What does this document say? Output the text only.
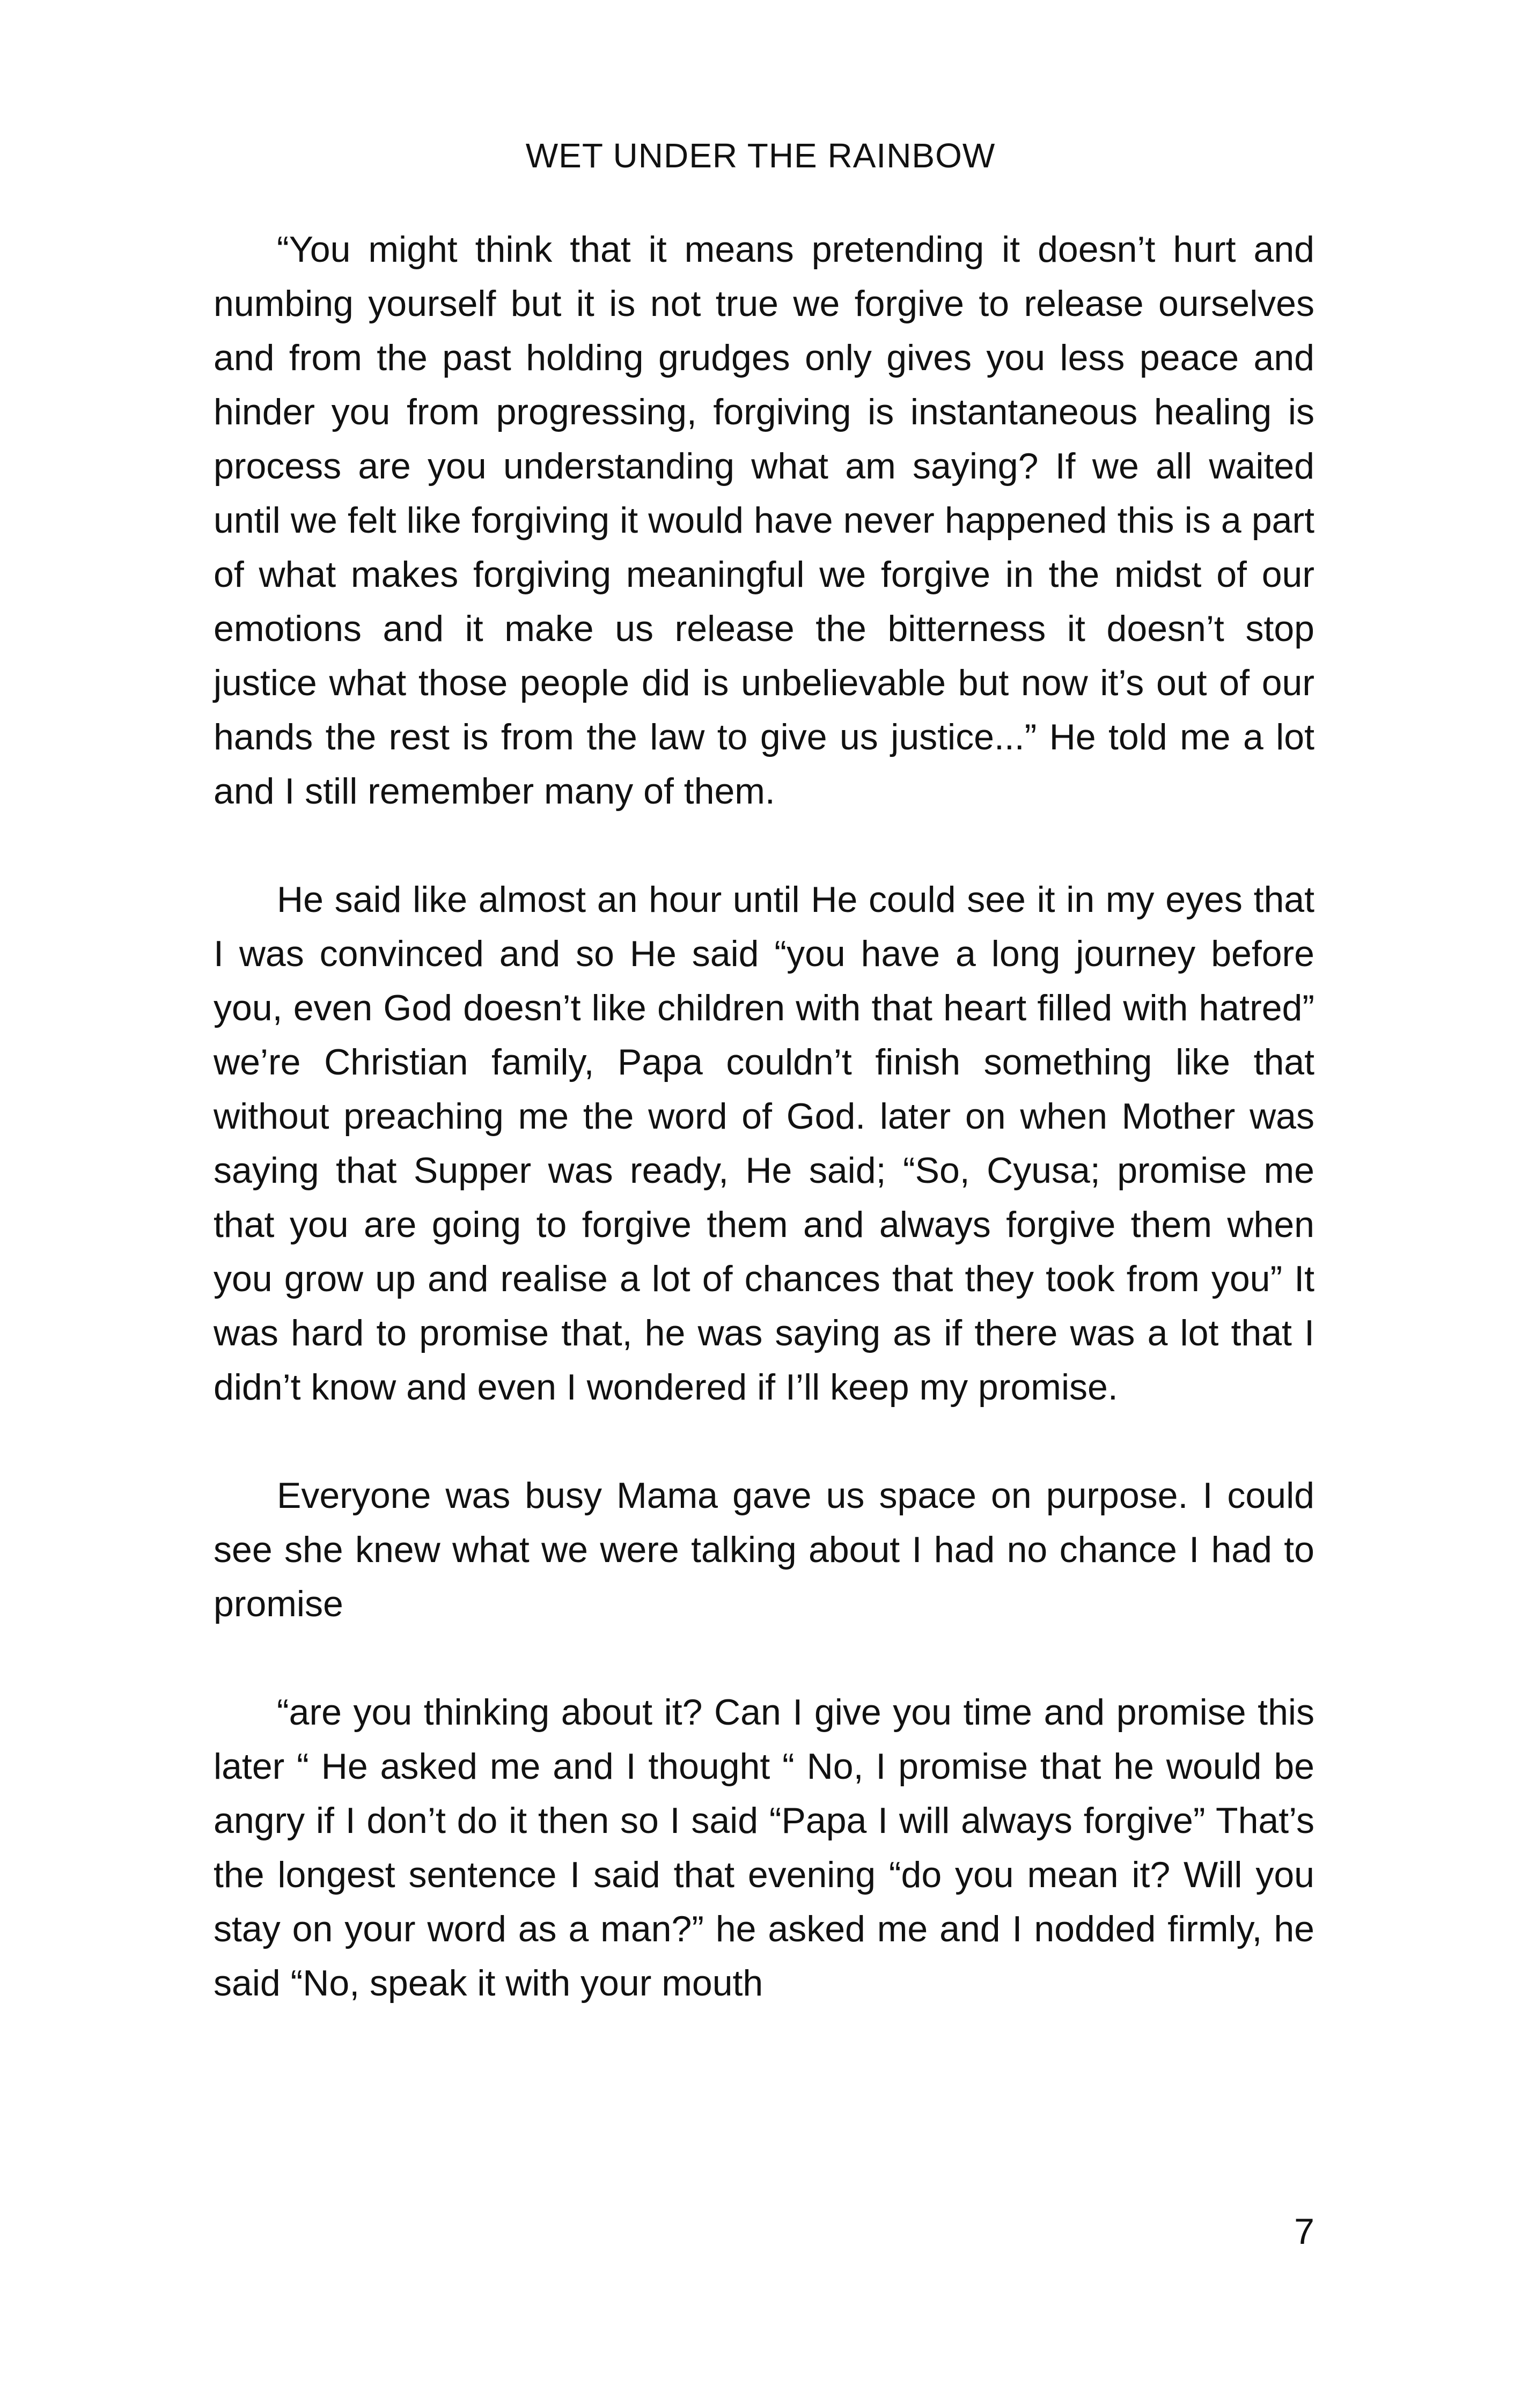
WET UNDER THE RAINBOW

“You might think that it means pretending it doesn’t hurt and numbing yourself but it is not true we forgive to release ourselves and from the past holding grudges only gives you less peace and hinder you from progressing, forgiving is instantaneous healing is process are you understanding what am saying? If we all waited until we felt like forgiving it would have never happened this is a part of what makes forgiving meaningful we forgive in the midst of our emotions and it make us release the bitterness it doesn’t stop justice what those people did is unbelievable but now it’s out of our hands the rest is from the law to give us justice...” He told me a lot and I still remember many of them.

He said like almost an hour until He could see it in my eyes that I was convinced and so He said “you have a long journey before you, even God doesn’t like children with that heart filled with hatred” we’re Christian family, Papa couldn’t finish something like that without preaching me the word of God. later on when Mother was saying that Supper was ready, He said; “So, Cyusa; promise me that you are going to forgive them and always forgive them when you grow up and realise a lot of chances that they took from you” It was hard to promise that, he was saying as if there was a lot that I didn’t know and even I wondered if I’ll keep my promise.

Everyone was busy Mama gave us space on purpose. I could see she knew what we were talking about I had no chance I had to promise

“are you thinking about it? Can I give you time and promise this later “ He asked me and I thought “ No, I promise that he would be angry if I don’t do it then so I said “Papa I will always forgive” That’s the longest sentence I said that evening “do you mean it? Will you stay on your word as a man?” he asked me and I nodded firmly, he said “No, speak it with your mouth

7
